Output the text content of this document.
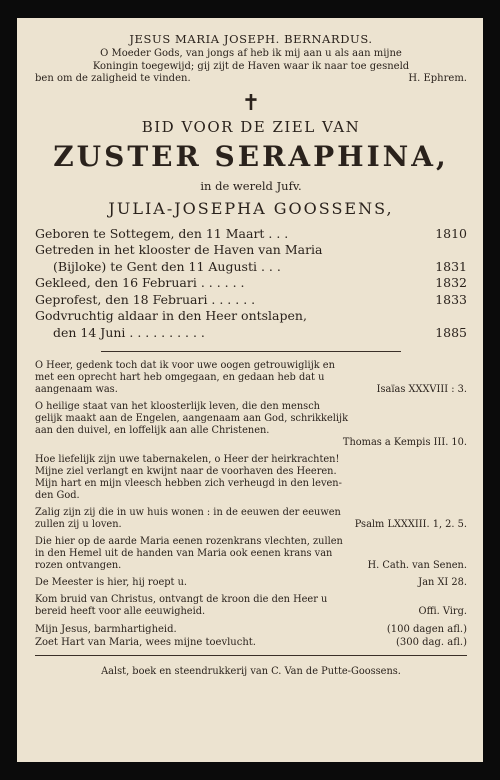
JESUS MARIA JOSEPH. BERNARDUS.
O Moeder Gods, van jongs af heb ik mij aan u als aan mijne
Koningin toegewijd; gij zijt de Haven waar ik naar toe gesneld
ben om de zaligheid te vinden.	H. Ephrem.
✝
BID VOOR DE ZIEL VAN
ZUSTER SERAPHINA,
in de wereld Jufv.
JULIA-JOSEPHA GOOSSENS,
Geboren te Sottegem, den 11 Maart . . .	1810
Getreden in het klooster de Haven van Maria
(Bijloke) te Gent den 11 Augusti . . .	1831
Gekleed, den 16 Februari . . . . . .	1832
Geprofest, den 18 Februari . . . . . .	1833
Godvruchtig aldaar in den Heer ontslapen,
den 14 Juni . . . . . . . . . .	1885
O Heer, gedenk toch dat ik voor uwe oogen getrouwiglijk en
met een oprecht hart heb omgegaan, en gedaan heb dat u
aangenaam was.	Isaïas XXXVIII : 3.
O heilige staat van het kloosterlijk leven, die den mensch
gelijk maakt aan de Engelen, aangenaam aan God, schrikkelijk
aan den duivel, en loffelijk aan alle Christenen.
Thomas a Kempis III. 10.
Hoe liefelijk zijn uwe tabernakelen, o Heer der heirkrachten!
Mijne ziel verlangt en kwijnt naar de voorhaven des Heeren.
Mijn hart en mijn vleesch hebben zich verheugd in den leven-
den God.
Zalig zijn zij die in uw huis wonen : in de eeuwen der eeuwen
zullen zij u loven.	Psalm LXXXIII. 1, 2. 5.
Die hier op de aarde Maria eenen rozenkrans vlechten, zullen
in den Hemel uit de handen van Maria ook eenen krans van
rozen ontvangen.	H. Cath. van Senen.
De Meester is hier, hij roept u.	Jan XI 28.
Kom bruid van Christus, ontvangt de kroon die den Heer u
bereid heeft voor alle eeuwigheid.	Offi. Virg.
Mijn Jesus, barmhartigheid.	(100 dagen afl.)
Zoet Hart van Maria, wees mijne toevlucht.	(300 dag. afl.)
Aalst, boek en steendrukkerij van C. Van de Putte-Goossens.
